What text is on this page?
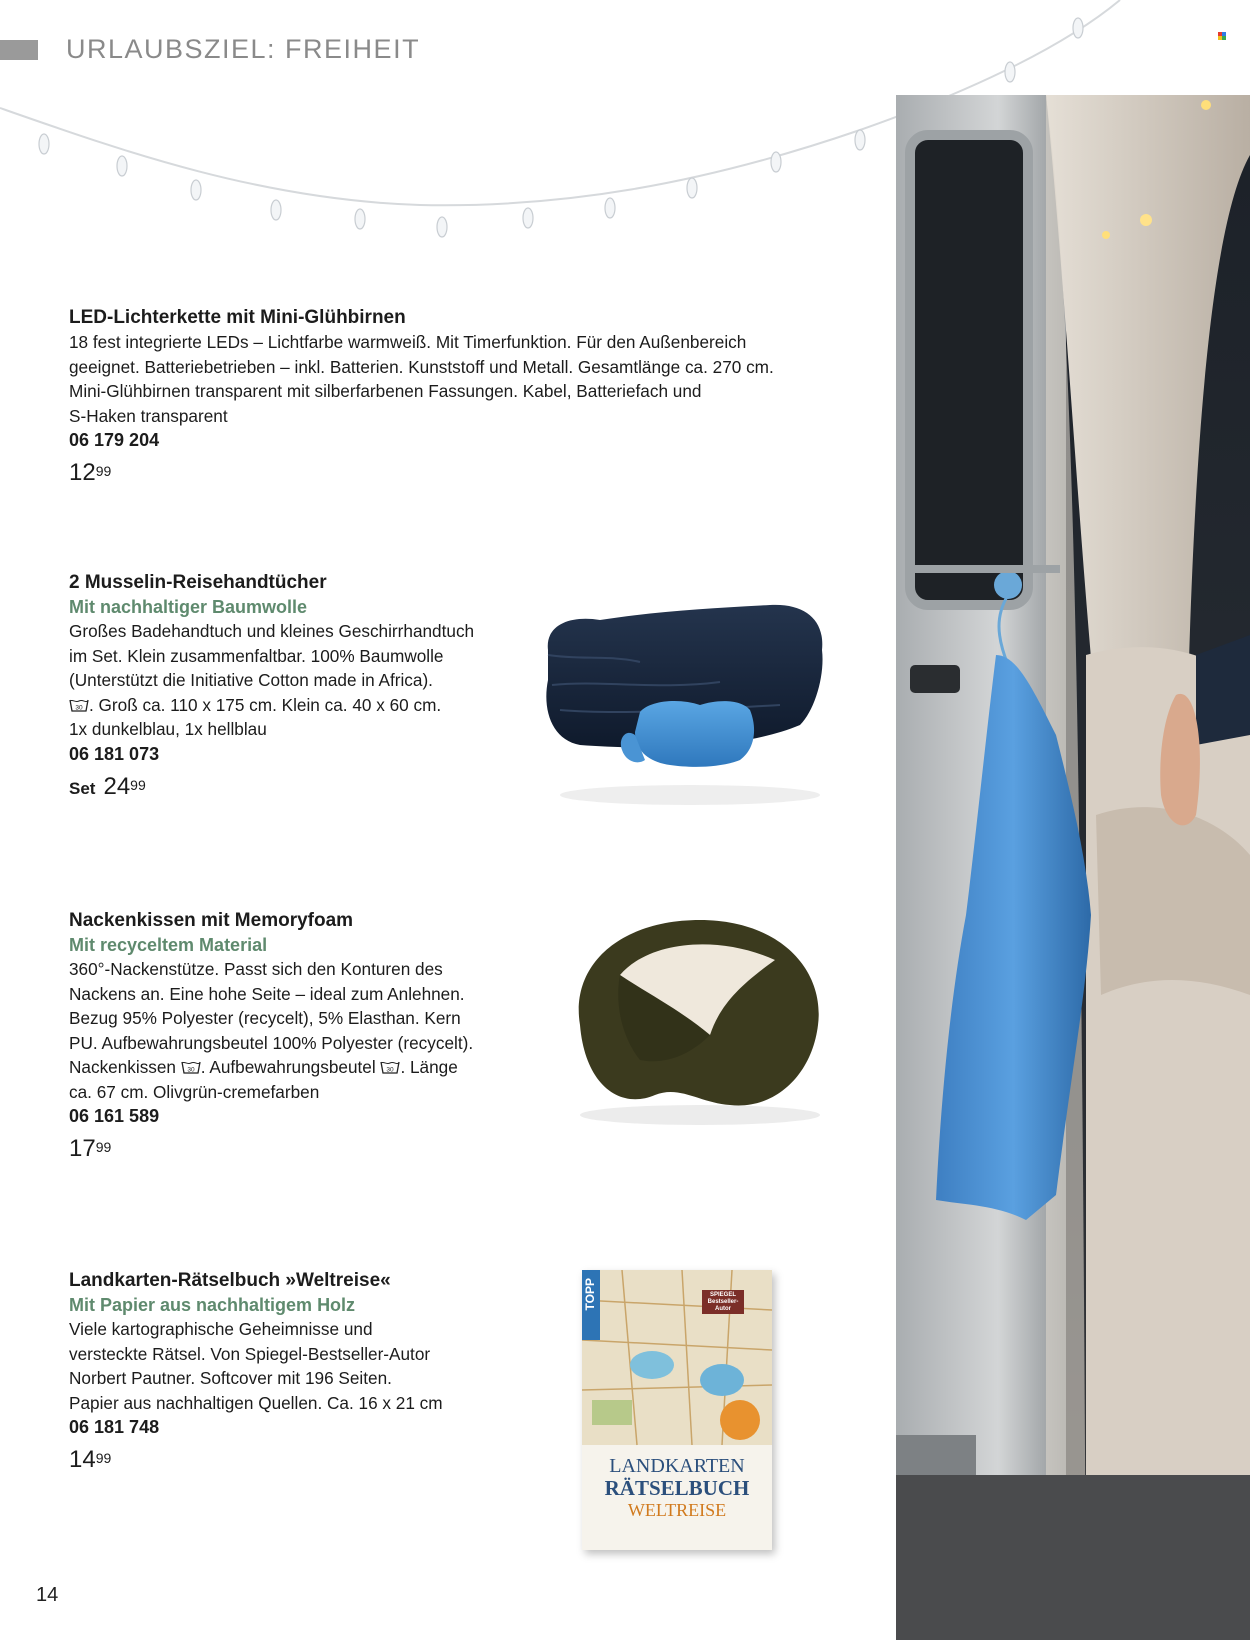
URLAUBSZIEL: FREIHEIT
LED-Lichterkette mit Mini-Glühbirnen
18 fest integrierte LEDs – Lichtfarbe warmweiß. Mit Timerfunktion. Für den Außenbereich
geeignet. Batteriebetrieben – inkl. Batterien. Kunststoff und Metall. Gesamtlänge ca. 270 cm.
Mini-Glühbirnen transparent mit silberfarbenen Fassungen. Kabel, Batteriefach und
S-Haken transparent
06 179 204
$12^{99}$
2 Musselin-Reisehandtücher
Mit nachhaltiger Baumwolle
Großes Badehandtuch und kleines Geschirrhandtuch
im Set. Klein zusammenfaltbar. 100% Baumwolle
(Unterstützt die Initiative Cotton made in Africa).
30 . Groß ca. 110 x 175 cm. Klein ca. 40 x 60 cm.
1x dunkelblau, 1x hellblau
06 181 073
Set $24^{99}$
Nackenkissen mit Memoryfoam
Mit recyceltem Material
360°-Nackenstütze. Passt sich den Konturen des
Nackens an. Eine hohe Seite – ideal zum Anlehnen.
Bezug 95% Polyester (recycelt), 5% Elasthan. Kern
PU. Aufbewahrungsbeutel 100% Polyester (recycelt).
Nackenkissen 30 . Aufbewahrungsbeutel 30 . Länge
ca. 67 cm. Olivgrün-cremefarben
06 161 589
$17^{99}$
Landkarten-Rätselbuch »Weltreise«
Mit Papier aus nachhaltigem Holz
Viele kartographische Geheimnisse und
versteckte Rätsel. Von Spiegel-Bestseller-Autor
Norbert Pautner. Softcover mit 196 Seiten.
Papier aus nachhaltigen Quellen. Ca. 16 x 21 cm
06 181 748
$14^{99}$
TOPP	SPIEGEL
Bestseller-
Autor
LANDKARTEN
RÄTSELBUCH
WELTREISE
14
